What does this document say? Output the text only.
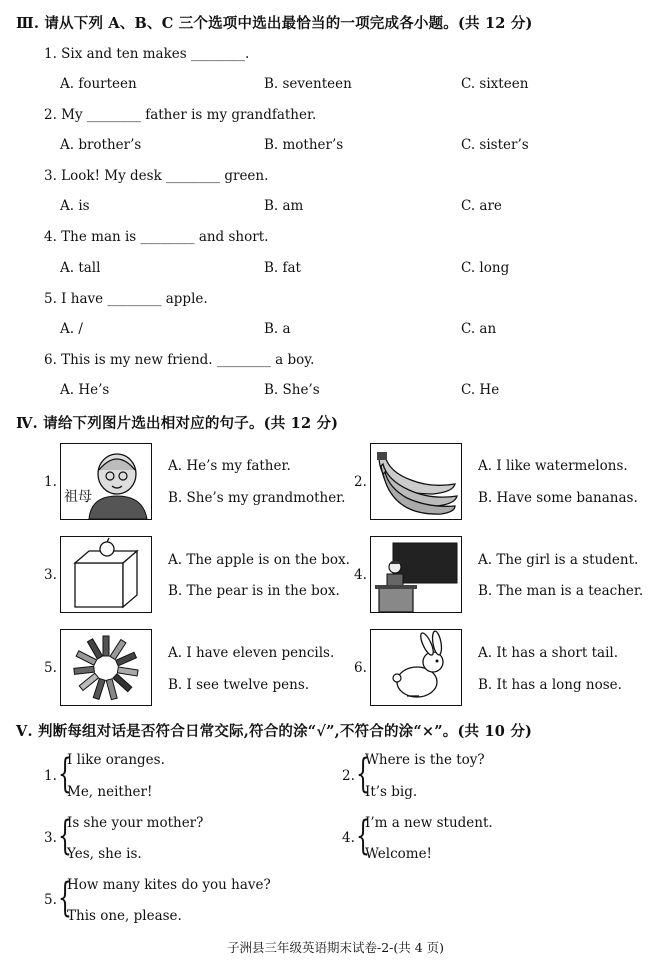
Ⅲ. 请从下列 A、B、C 三个选项中选出最恰当的一项完成各小题。(共 12 分)
1. Six and ten makes ________.
A. fourteen	B. seventeen	C. sixteen
2. My ________ father is my grandfather.
A. brother’s	B. mother’s	C. sister’s
3. Look! My desk ________ green.
A. is	B. am	C. are
4. The man is ________ and short.
A. tall	B. fat	C. long
5. I have ________ apple.
A. /	B. a	C. an
6. This is my new friend. ________ a boy.
A. He’s	B. She’s	C. He
Ⅳ. 请给下列图片选出相对应的句子。(共 12 分)
1.
祖母
A. He’s my father.
B. She’s my grandmother.
2.
A. I like watermelons.
B. Have some bananas.
3.
A. The apple is on the box.
B. The pear is in the box.
4.
A. The girl is a student.
B. The man is a teacher.
5.
A. I have eleven pencils.
B. I see twelve pens.
6.
A. It has a short tail.
B. It has a long nose.
Ⅴ. 判断每组对话是否符合日常交际,符合的涂“√”,不符合的涂“×”。(共 10 分)
1. {
I like oranges.
Me, neither!
2. {
Where is the toy?
It’s big.
3. {
Is she your mother?
Yes, she is.
4. {
I’m a new student.
Welcome!
5. {
How many kites do you have?
This one, please.
子洲县三年级英语期末试卷-2-(共 4 页)
